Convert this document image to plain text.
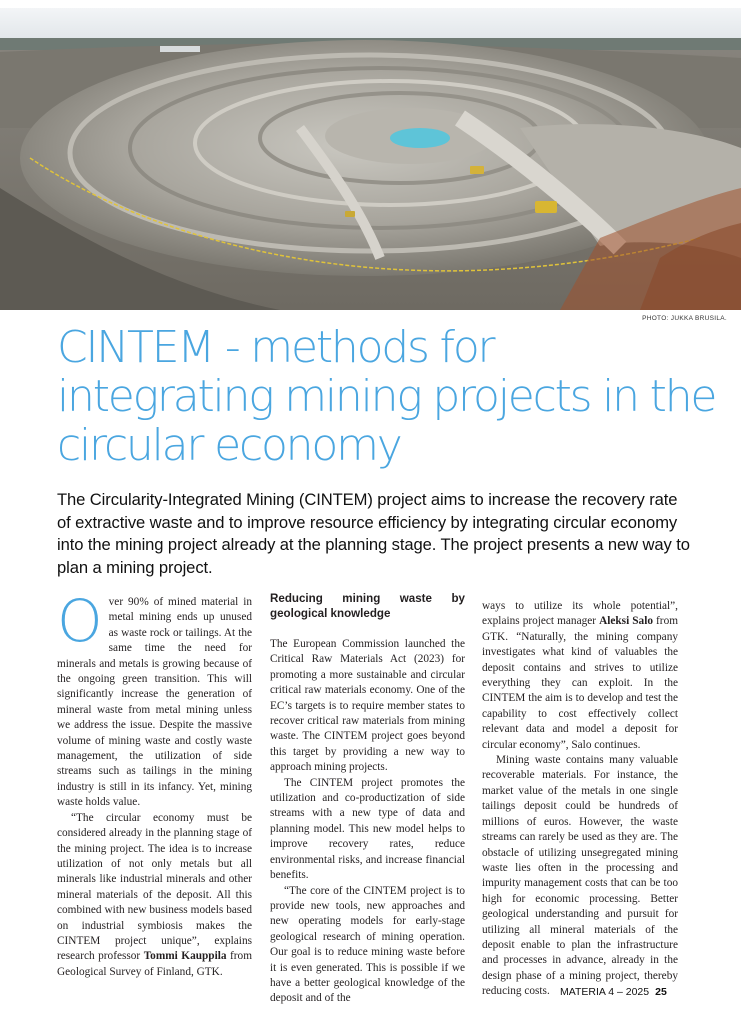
PHOTO: JUKKA BRUSILA.
CINTEM - methods for integrating mining projects in the circular economy

The Circularity-Integrated Mining (CINTEM) project aims to increase the recovery rate of extractive waste and to improve resource efficiency by integrating circular economy into the mining project already at the planning stage. The project presents a new way to plan a mining project.

O ver 90% of mined material in metal mining ends up unused as waste rock or tailings. At the same time the need for minerals and metals is growing because of the ongoing green transition. This will significantly increase the generation of mineral waste from metal mining unless we address the issue. Despite the massive volume of mining waste and costly waste management, the utilization of side streams such as tailings in the mining industry is still in its infancy. Yet, mining waste holds value.

“The circular economy must be considered already in the planning stage of the mining project. The idea is to increase utilization of not only metals but all minerals like industrial minerals and other mineral materials of the deposit. All this combined with new business models based on industrial symbiosis makes the CINTEM project unique”, explains research professor Tommi Kauppila from Geological Survey of Finland, GTK.

Reducing mining waste by geological knowledge

The European Commission launched the Critical Raw Materials Act (2023) for promoting a more sustainable and circular critical raw materials economy. One of the EC’s targets is to require member states to recover critical raw materials from mining waste. The CINTEM project goes beyond this target by providing a new way to approach mining projects.

The CINTEM project promotes the utilization and co-productization of side streams with a new type of data and planning model. This new model helps to improve recovery rates, reduce environmental risks, and increase financial benefits.

“The core of the CINTEM project is to provide new tools, new approaches and new operating models for early-stage geological research of mining operation. Our goal is to reduce mining waste before it is even generated. This is possible if we have a better geological knowledge of the deposit and of the

ways to utilize its whole potential”, explains project manager Aleksi Salo from GTK. “Naturally, the mining company investigates what kind of valuables the deposit contains and strives to utilize everything they can exploit. In the CINTEM the aim is to develop and test the capability to cost effectively collect relevant data and model a deposit for circular economy”, Salo continues.

Mining waste contains many valuable recoverable materials. For instance, the market value of the metals in one single tailings deposit could be hundreds of millions of euros. However, the waste streams can rarely be used as they are. The obstacle of utilizing unsegregated mining waste lies often in the processing and impurity management costs that can be too high for economic processing. Better geological understanding and pursuit for utilizing all mineral materials of the deposit enable to plan the infrastructure and processes in advance, already in the design phase of a mining project, thereby reducing costs. MATERIA 4 – 2025 25
